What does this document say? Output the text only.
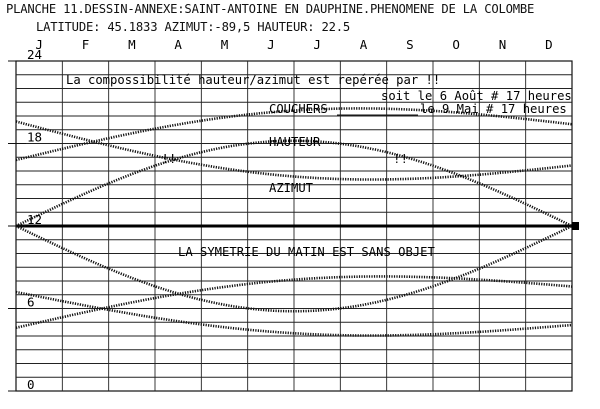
PLANCHE 11.DESSIN-ANNEXE:SAINT-ANTOINE EN DAUPHINE.PHENOMENE DE LA COLOMBE
LATITUDE: 45.1833 AZIMUT:-89,5 HAUTEUR: 22.5
J	F	M	A	M	J	J	A	S	O	N	D
0
6
12
18
24
!!	!!
La compossibilité hauteur/azimut est repérée par !!
soit le 6 Août # 17 heures
COUCHERS	le 9 Mai # 17 heures
HAUTEUR
AZIMUT
LA SYMETRIE DU MATIN EST SANS OBJET
